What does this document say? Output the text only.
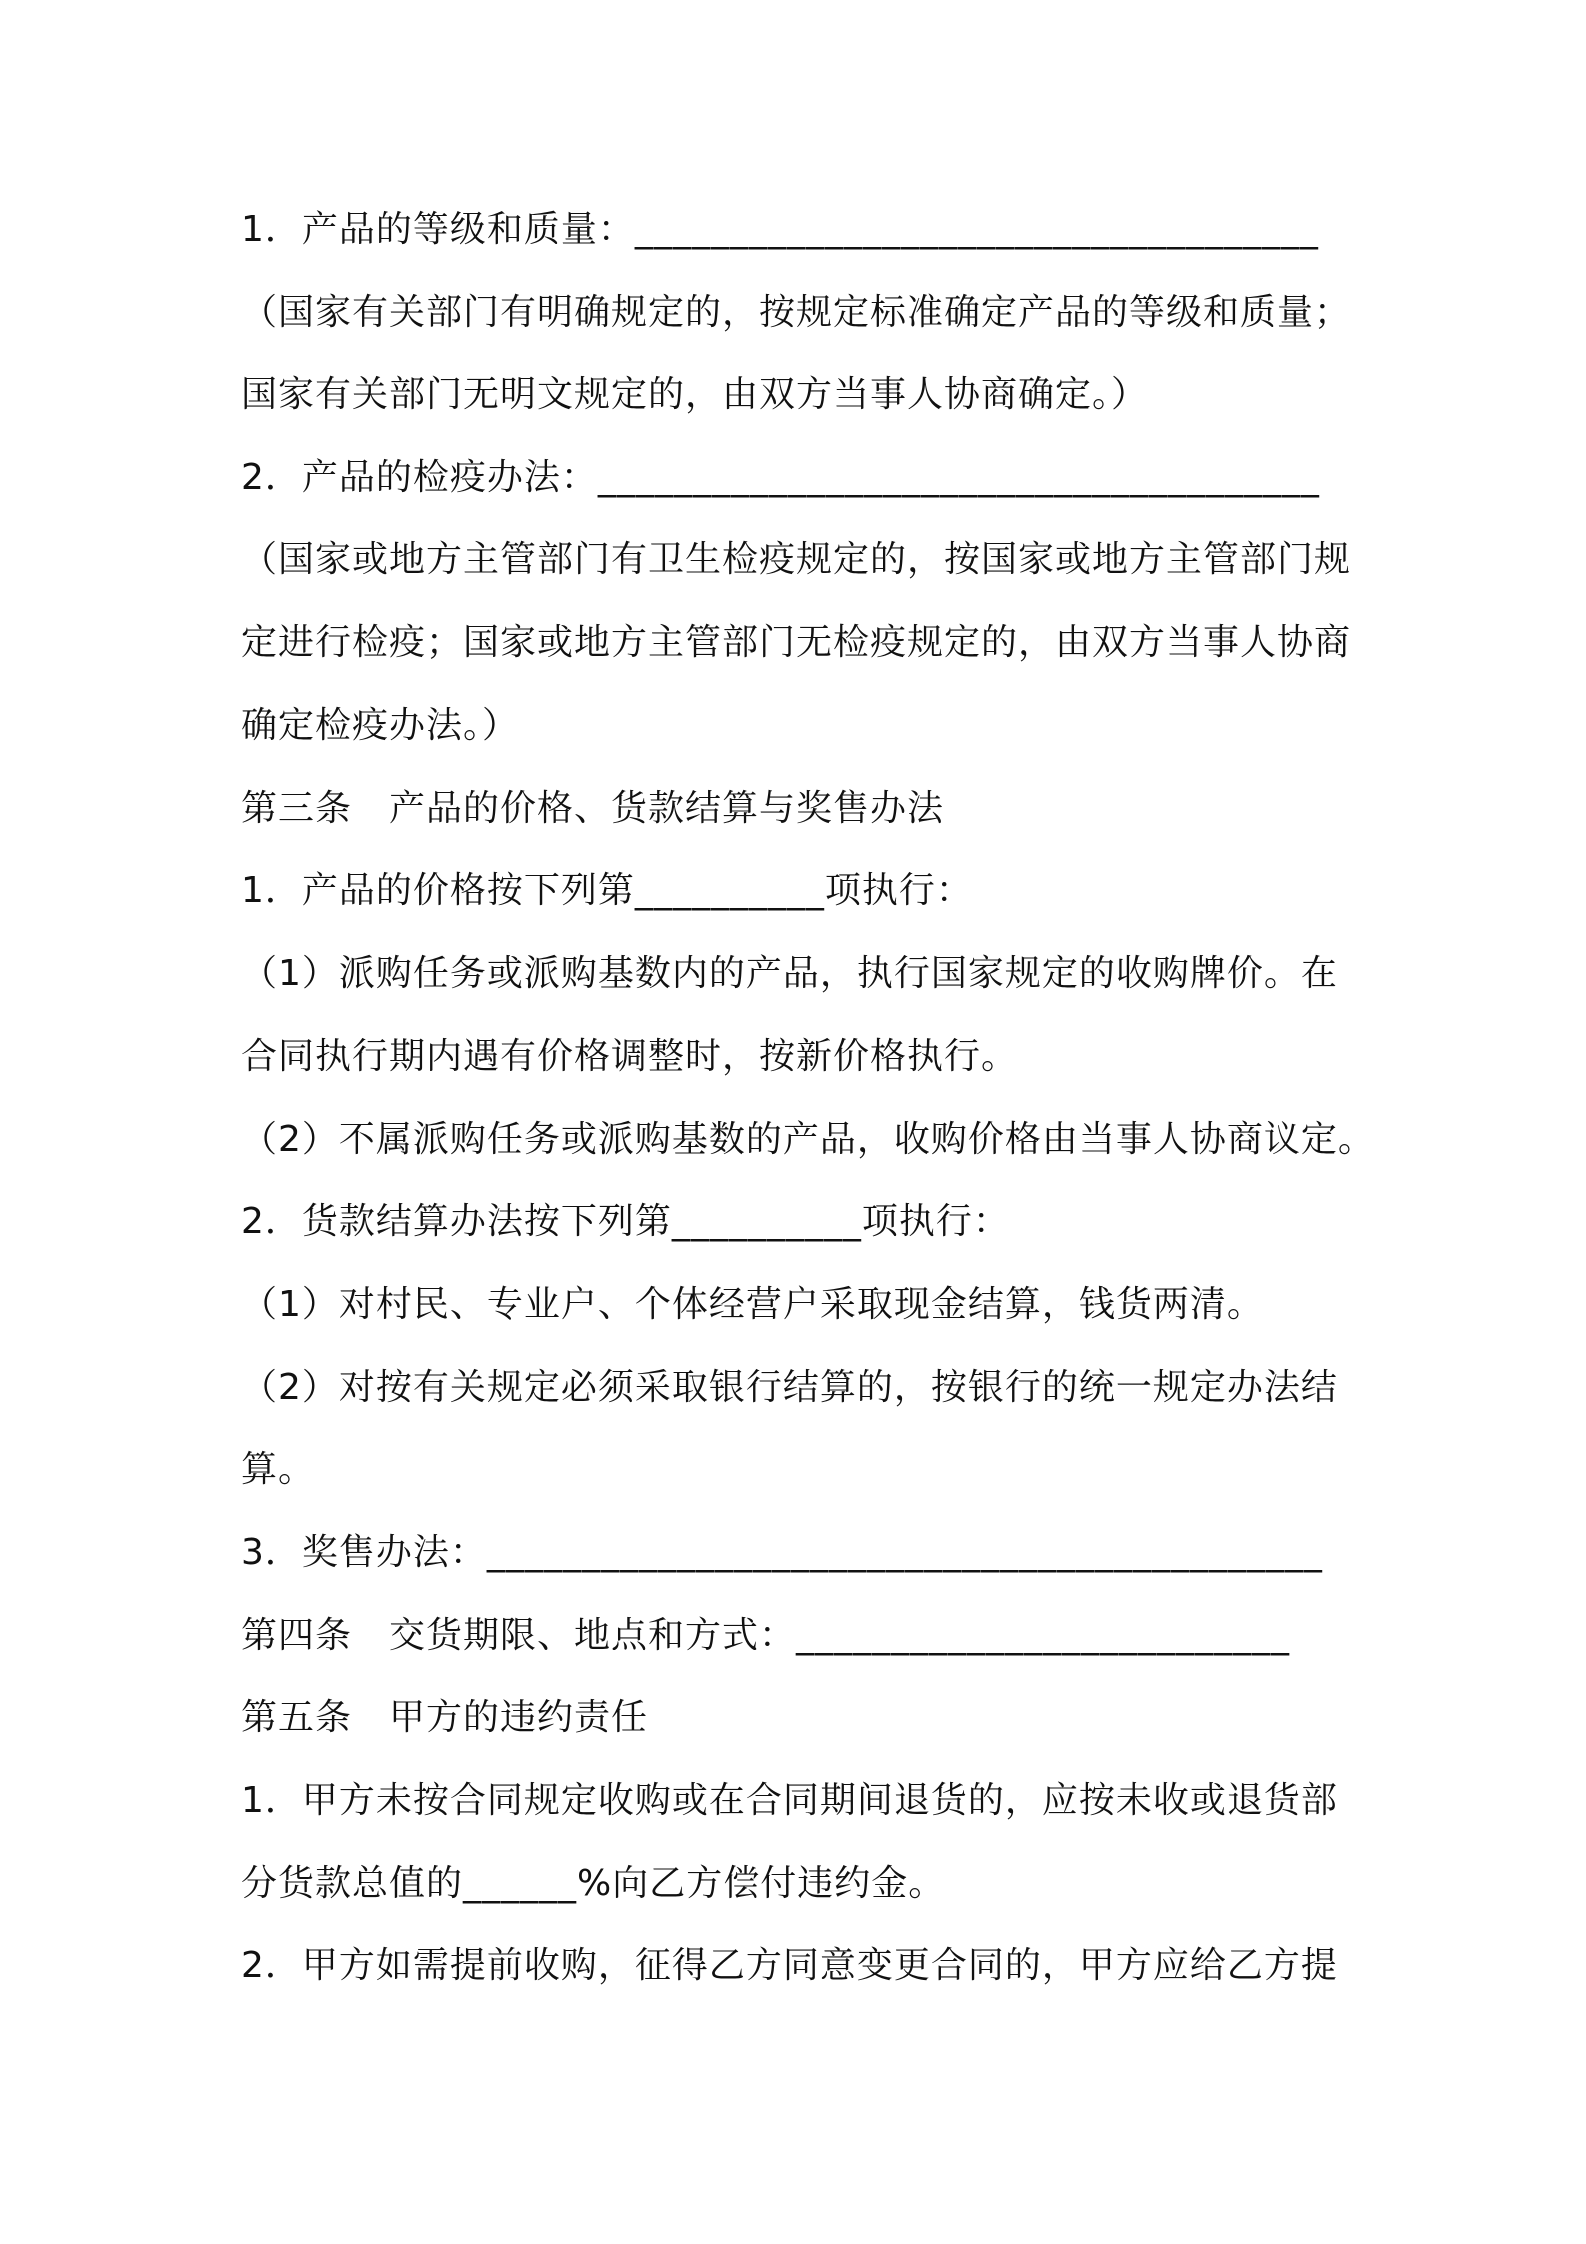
1．产品的等级和质量：____________________________________
（国家有关部门有明确规定的，按规定标准确定产品的等级和质量；
国家有关部门无明文规定的，由双方当事人协商确定。）
2．产品的检疫办法：______________________________________
（国家或地方主管部门有卫生检疫规定的，按国家或地方主管部门规
定进行检疫；国家或地方主管部门无检疫规定的，由双方当事人协商
确定检疫办法。）
第三条　产品的价格、货款结算与奖售办法
1．产品的价格按下列第__________项执行：
（1）派购任务或派购基数内的产品，执行国家规定的收购牌价。在
合同执行期内遇有价格调整时，按新价格执行。
（2）不属派购任务或派购基数的产品，收购价格由当事人协商议定。
2．货款结算办法按下列第__________项执行：
（1）对村民、专业户、个体经营户采取现金结算，钱货两清。
（2）对按有关规定必须采取银行结算的，按银行的统一规定办法结
算。
3．奖售办法：____________________________________________
第四条　交货期限、地点和方式：__________________________
第五条　甲方的违约责任
1．甲方未按合同规定收购或在合同期间退货的，应按未收或退货部
分货款总值的______%向乙方偿付违约金。
2．甲方如需提前收购，征得乙方同意变更合同的，甲方应给乙方提
